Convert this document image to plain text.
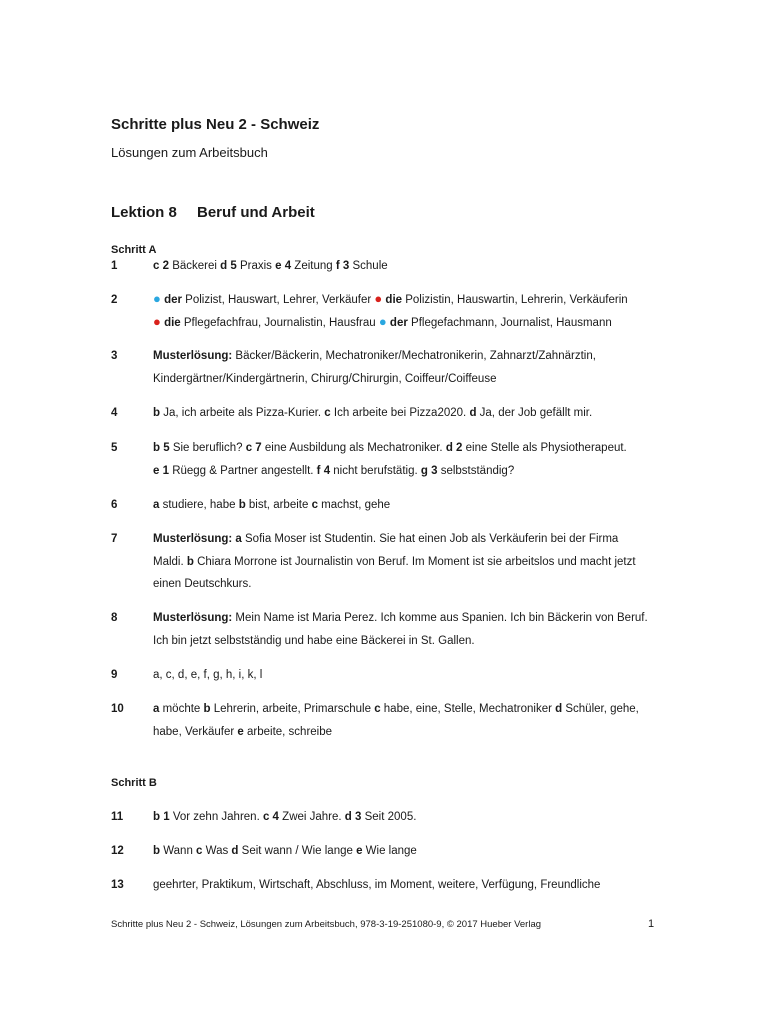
Schritte plus Neu 2 - Schweiz
Lösungen zum Arbeitsbuch
Lektion 8 Beruf und Arbeit
Schritt A
1	c 2 Bäckerei d 5 Praxis e 4 Zeitung f 3 Schule
2	● der Polizist, Hauswart, Lehrer, Verkäufer ● die Polizistin, Hauswartin, Lehrerin, Verkäuferin
● die Pflegefachfrau, Journalistin, Hausfrau ● der Pflegefachmann, Journalist, Hausmann
3	Musterlösung: Bäcker/Bäckerin, Mechatroniker/Mechatronikerin, Zahnarzt/Zahnärztin, Kindergärtner/Kindergärtnerin, Chirurg/Chirurgin, Coiffeur/Coiffeuse
4	b Ja, ich arbeite als Pizza-Kurier. c Ich arbeite bei Pizza2020. d Ja, der Job gefällt mir.
5	b 5 Sie beruflich? c 7 eine Ausbildung als Mechatroniker. d 2 eine Stelle als Physiotherapeut.
e 1 Rüegg & Partner angestellt. f 4 nicht berufstätig. g 3 selbstständig?
6	a studiere, habe b bist, arbeite c machst, gehe
7	Musterlösung: a Sofia Moser ist Studentin. Sie hat einen Job als Verkäuferin bei der Firma Maldi. b Chiara Morrone ist Journalistin von Beruf. Im Moment ist sie arbeitslos und macht jetzt einen Deutschkurs.
8	Musterlösung: Mein Name ist Maria Perez. Ich komme aus Spanien. Ich bin Bäckerin von Beruf. Ich bin jetzt selbstständig und habe eine Bäckerei in St. Gallen.
9	a, c, d, e, f, g, h, i, k, l
10	a möchte b Lehrerin, arbeite, Primarschule c habe, eine, Stelle, Mechatroniker d Schüler, gehe, habe, Verkäufer e arbeite, schreibe
Schritt B
11	b 1 Vor zehn Jahren. c 4 Zwei Jahre. d 3 Seit 2005.
12	b Wann c Was d Seit wann / Wie lange e Wie lange
13	geehrter, Praktikum, Wirtschaft, Abschluss, im Moment, weitere, Verfügung, Freundliche
Schritte plus Neu 2 - Schweiz, Lösungen zum Arbeitsbuch, 978-3-19-251080-9, © 2017 Hueber Verlag	1
